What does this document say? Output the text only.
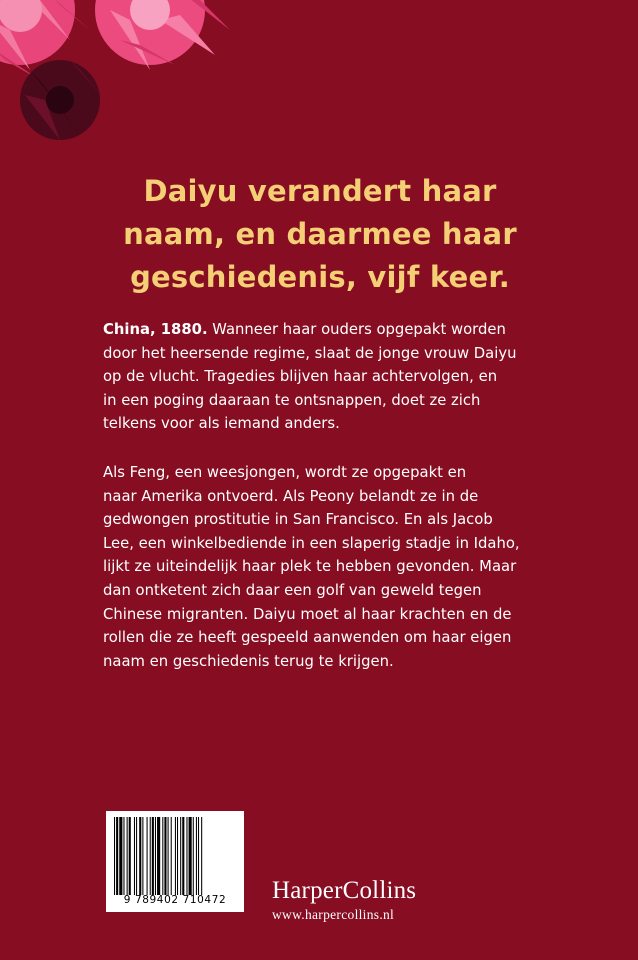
Daiyu verandert haar
naam, en daarmee haar
geschiedenis, vijf keer.

China, 1880. Wanneer haar ouders opgepakt worden
door het heersende regime, slaat de jonge vrouw Daiyu
op de vlucht. Tragedies blijven haar achtervolgen, en
in een poging daaraan te ontsnappen, doet ze zich
telkens voor als iemand anders.

Als Feng, een weesjongen, wordt ze opgepakt en
naar Amerika ontvoerd. Als Peony belandt ze in de
gedwongen prostitutie in San Francisco. En als Jacob
Lee, een winkelbediende in een slaperig stadje in Idaho,
lijkt ze uiteindelijk haar plek te hebben gevonden. Maar
dan ontketent zich daar een golf van geweld tegen
Chinese migranten. Daiyu moet al haar krachten en de
rollen die ze heeft gespeeld aanwenden om haar eigen
naam en geschiedenis terug te krijgen.

9 789402 710472	HarperCollins
www.harpercollins.nl
